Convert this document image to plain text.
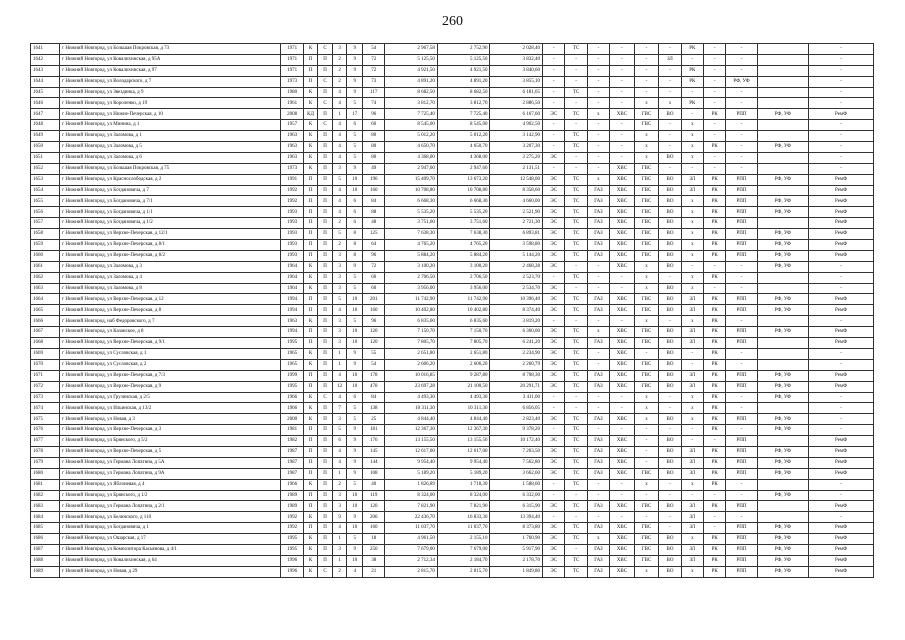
260
1641	г Нижний Новгород, ул Большая Покровская, д 73	1971	К	С	3	9	54	2 967,58	2 752,90	2 028,40	-	ТС	-	-	-	-	РК	-	-		-
1642	г Нижний Новгород, ул Ковалихинская, д 95А	1971	П	П	2	9	72	5 125,50	5 125,50	3 832,40	-	-	-	-	-	ЗЛ	-	-	-		-
1643	г Нижний Новгород, ул Ковалихинская, д 97	1971	П	П	2	9	72	4 921,50	4 921,50	3 840,60	-	-	-	-	-	-	РК	-	-		-
1644	г Нижний Новгород, ул Володарского, д 7	1973	П	С	2	9	73	4 891,20	4 891,20	3 855,10	-	-	-	-	-	-	РК	-	РФ, УФ		-
1645	г Нижний Новгород, ул Звездинка, д 9	1980	К	П	4	9	117	8 682,50	8 682,50	6 181,65	-	ТС	-	-	-	-	-	-	-		-
1646	г Нижний Новгород, ул Короленко, д 19	1961	К	С	4	5	74	3 812,70	3 812,70	2 886,50	-	-	-	-	х	х	РК	-	-		-
1647	г Нижний Новгород, ул Нижне-Печерская, д 10	2008	КД	П	1	17	96	7 725,40	7 725,40	6 167,60	ЭС	ТС	х	ХВС	ГВС	ВО	-	РК	РПП	РФ, УФ	РемФ
1648	г Нижний Новгород, ул Минина, д 1	1957	К	С	4	6	60	8 545,00	8 545,00	4 902,50	-	-	-	-	ГВС	-	х	-	-		-
1649	г Нижний Новгород, ул Заломова, д 1	1963	К	П	4	5	80	5 012,20	5 012,20	3 142,90	-	ТС	-	-	х	-	х	-	-		-
1650	г Нижний Новгород, ул Заломова, д 5	1963	К	П	4	5	80	4 650,70	4 650,70	3 207,30	-	ТС	-	-	х	-	х	РК	-	РФ, УФ	-
1651	г Нижний Новгород, ул Заломова, д 6	1963	К	П	4	5	80	4 368,00	4 368,00	3 275,20	ЭС	-	-	-	х	ВО	х	-	-		-
1652	г Нижний Новгород, ул Большая Покровская, д 75	1973	К	П	3	9	49	2 947,60	2 947,60	2 131,51	-	-	-	ХВС	ГВС	-	-	-	-		-
1653	г Нижний Новгород, ул Краснослободская, д 2	1991	П	П	5	10	196	15 409,70	13 673,20	12 548,00	ЭС	ТС	х	ХВС	ГВС	ВО	ЗЛ	РК	РПП	РФ, УФ	РемФ
1654	г Нижний Новгород, ул Богдановича, д 7	1992	П	П	4	10	160	10 708,80	10 708,80	8 358,60	ЭС	ТС	ГАЗ	ХВС	ГВС	ВО	ЗЛ	РК	РПП		РемФ
1655	г Нижний Новгород, ул Богдановича, д 7/1	1992	П	П	4	6	84	6 668,30	6 668,30	4 660,00	ЭС	ТС	ГАЗ	ХВС	ГВС	ВО	х	РК	РПП	РФ, УФ	РемФ
1656	г Нижний Новгород, ул Богдановича, д 1/1	1993	П	П	4	6	88	5 535,20	5 535,20	2 521,90	ЭС	ТС	ГАЗ	ХВС	ГВС	ВО	х	РК	РПП	РФ, УФ	РемФ
1657	г Нижний Новгород, ул Богдановича, д 1/2	1993	П	П	2	6	48	3 751,60	3 751,60	2 721,30	ЭС	ТС	ГАЗ	ХВС	ГВС	ВО	х	РК	РПП		РемФ
1658	г Нижний Новгород, ул Верхне-Печерская, д 12/1	1993	П	П	5	8	125	7 638,30	7 638,30	6 893,81	ЭС	ТС	ГАЗ	ХВС	ГВС	ВО	х	РК	РПП	РФ, УФ	РемФ
1659	г Нижний Новгород, ул Верхне-Печерская, д 8/1	1993	П	П	2	8	64	4 765,20	4 765,20	3 598,80	ЭС	ТС	ГАЗ	ХВС	ГВС	ВО	х	РК	РПП	РФ, УФ	РемФ
1660	г Нижний Новгород, ул Верхне-Печерская, д 8/2	1993	П	П	3	8	96	5 884,20	5 884,20	5 144,20	ЭС	ТС	ГАЗ	ХВС	ГВС	ВО	х	РК	РПП	РФ, УФ	РемФ
1661	г Нижний Новгород, ул Заломова, д 3	1964	К	П	3	9	72	3 100,20	3 100,20	2 468,28	ЭС	-	-	ХВС	х	ВО	-	-	-	РФ, УФ	-
1662	г Нижний Новгород, ул Заломова, д 4	1964	К	П	3	5	60	2 706,50	2 706,50	2 523,70	-	ТС	-	-	х	-	х	РК	-		-
1663	г Нижний Новгород, ул Заломова, д 8	1964	К	П	3	5	60	3 956,00	3 956,00	2 534,70	ЭС	-	-	-	х	ВО	х	-	-		-
1664	г Нижний Новгород, ул Верхне-Печерская, д 12	1994	П	П	5	10	201	11 742,90	11 742,90	10 396,40	ЭС	ТС	ГАЗ	ХВС	ГВС	ВО	ЗЛ	РК	РПП	РФ, УФ	РемФ
1665	г Нижний Новгород, ул Верхне-Печерская, д 8	1994	П	П	4	10	160	10 402,80	10 402,80	8 374,40	ЭС	ТС	ГАЗ	ХВС	ГВС	ВО	ЗЛ	РК	РПП	РФ, УФ	РемФ
1666	г Нижний Новгород, наб Федоровского, д 7	1963	К	П	3	5	96	6 835,60	6 835,60	3 819,20	-	-	-	-	х	-	х	РК	-		-
1667	г Нижний Новгород, ул Казанское, д 8	1994	П	П	3	10	120	7 150,70	7 150,70	6 360,00	ЭС	ТС	х	ХВС	ГВС	ВО	ЗЛ	РК	РПП	РФ, УФ	РемФ
1668	г Нижний Новгород, ул Верхне-Печерская, д 9/1	1995	П	П	3	10	120	7 805,70	7 805,70	6 241,20	ЭС	ТС	ГАЗ	ХВС	ГВС	ВО	ЗЛ	РК	РПП		РемФ
1669	г Нижний Новгород, ул Сусловская, д 1	1965	К	П	1	9	55	2 651,80	2 651,80	2 234,90	ЭС	ТС	-	ХВС	-	ВО	-	РК	-		-
1670	г Нижний Новгород, ул Сусловская, д 2	1965	К	П	1	9	54	2 606,20	2 606,20	2 260,79	ЭС	ТС	-	ХВС	ГВС	ВО	-	РК	-		-
1671	г Нижний Новгород, ул Верхне-Печерская, д 7/3	1999	П	П	4	10	178	10 016,85	9 287,80	8 708,30	ЭС	ТС	ГАЗ	ХВС	ГВС	ВО	ЗЛ	РК	РПП	РФ, УФ	РемФ
1672	г Нижний Новгород, ул Верхне-Печерская, д 9	1995	П	П	12	10	478	23 697,28	21 100,50	20 291,71	ЭС	ТС	ГАЗ	ХВС	ГВС	ВО	ЗЛ	РК	РПП	РФ, УФ	РемФ
1673	г Нижний Новгород, ул Грузинская, д 2/5	1966	К	С	4	6	84	4 493,30	4 493,30	3 411,00	-	-	-	-	х	-	х	РК	-	РФ, УФ	-
1674	г Нижний Новгород, ул Ильинская, д 13/2	1966	К	П	7	5	138	10 311,30	10 311,30	6 856,05	-	-	-	-	х	-	х	РК	-		-
1675	г Нижний Новгород, ул Новая, д 3	2000	К	П	3	5	25	4 844,40	4 844,40	2 823,40	ЭС	ТС	ГАЗ	ХВС	х	ВО	х	РК	РПП	РФ, УФ	-
1676	г Нижний Новгород, ул Верхне-Печерская, д 3	1981	П	П	5	9	181	12 367,30	12 367,30	9 378,20	-	ТС	-	-	-	-	-	РК	-	РФ, УФ	-
1677	г Нижний Новгород, ул Брянского, д 5/2	1982	П	П	6	9	176	13 155,50	13 155,50	10 172,40	ЭС	ТС	ГАЗ	ХВС	-	ВО	-	-	РПП		РемФ
1678	г Нижний Новгород, ул Верхне-Печерская, д 5	1987	П	П	4	9	145	12 617,00	12 617,00	7 203,50	ЭС	ТС	ГАЗ	ХВС	-	ВО	ЗЛ	РК	РПП	РФ, УФ	РемФ
1679	г Нижний Новгород, ул Германа Лопатина, д 5А	1987	П	П	4	9	144	9 954,40	9 954,40	7 562,80	ЭС	ТС	ГАЗ	ХВС	-	ВО	ЗЛ	РК	РПП	РФ, УФ	РемФ
1680	г Нижний Новгород, ул Германа Лопатина, д 9А	1987	П	П	1	9	108	5 189,20	5 189,20	3 662,60	ЭС	ТС	ГАЗ	ХВС	ГВС	ВО	ЗЛ	РК	РПП	РФ, УФ	РемФ
1681	г Нижний Новгород, ул Яблоневая, д 4	1966	К	П	2	5	40	1 826,89	1 718,30	1 588,60	-	ТС	-	-	х	-	х	РК	-		-
1682	г Нижний Новгород, ул Брянского, д 1/2	1989	П	П	3	10	119	8 324,00	8 324,00	6 332,00	-	-	-	-	-	-	-	-	-	РФ, УФ	-
1683	г Нижний Новгород, ул Германа Лопатина, д 2/1	1989	П	П	3	10	120	7 821,90	7 821,90	6 315,90	ЭС	ТС	ГАЗ	ХВС	ГВС	ВО	ЗЛ	РК	РПП		РемФ
1684	г Нижний Новгород, ул Белинского, д 110	1992	К	П	9	9	206	22 436,70	16 833,30	13 394,40	-	-	-	-	-	-	ЗЛ	-	-		-
1685	г Нижний Новгород, ул Богдановича, д 1	1992	П	П	4	10	160	11 037,70	11 037,70	8 373,80	ЭС	ТС	ГАЗ	ХВС	ГВС	-	ЗЛ	-	РПП	РФ, УФ	РемФ
1686	г Нижний Новгород, ул Ошарская, д 17	1995	К	П	1	5	18	4 961,50	2 155,10	1 760,90	ЭС	ТС	х	ХВС	ГВС	ВО	х	РК	РПП	РФ, УФ	РемФ
1687	г Нижний Новгород, ул Композитора Касьянова, д 4/1	1995	К	П	3	9	250	7 679,00	7 679,00	5 917,90	ЭС	-	ГАЗ	ХВС	ГВС	ВО	ЗЛ	РК	РПП	РФ, УФ	РемФ
1688	г Нижний Новгород, ул Ковалихинская, д 64	1996	К	П	1	10	38	2 712,34	2 184,70	2 178,70	ЭС	ТС	ГАЗ	ХВС	ГВС	ВО	ЗЛ	РК	РПП	РФ, УФ	РемФ
1689	г Нижний Новгород, ул Новая, д 29	1996	К	С	2	4	21	2 815,70	2 815,70	1 849,80	ЭС	ТС	ГАЗ	ХВС	х	ВО	х	РК	РПП	РФ, УФ	РемФ
